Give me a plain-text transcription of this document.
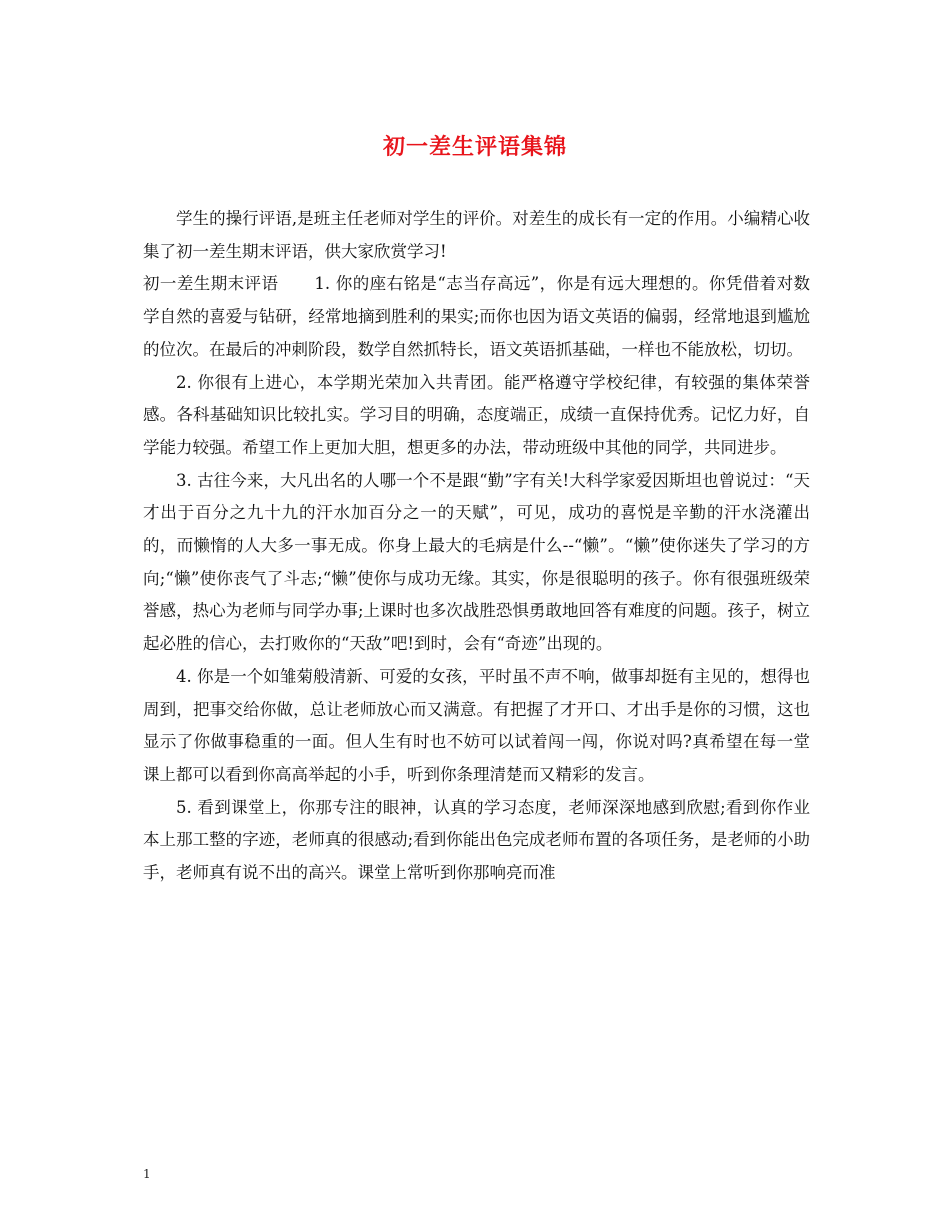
初一差生评语集锦

学生的操行评语,是班主任老师对学生的评价。对差生的成长有一定的作用。小编精心收集了初一差生期末评语，供大家欣赏学习!

初一差生期末评语 1. 你的座右铭是“志当存高远”，你是有远大理想的。你凭借着对数学自然的喜爱与钻研，经常地摘到胜利的果实;而你也因为语文英语的偏弱，经常地退到尴尬的位次。在最后的冲刺阶段，数学自然抓特长，语文英语抓基础，一样也不能放松，切切。

2. 你很有上进心，本学期光荣加入共青团。能严格遵守学校纪律，有较强的集体荣誉感。各科基础知识比较扎实。学习目的明确，态度端正，成绩一直保持优秀。记忆力好，自学能力较强。希望工作上更加大胆，想更多的办法，带动班级中其他的同学，共同进步。

3. 古往今来，大凡出名的人哪一个不是跟“勤”字有关!大科学家爱因斯坦也曾说过：“天才出于百分之九十九的汗水加百分之一的天赋”，可见，成功的喜悦是辛勤的汗水浇灌出的，而懒惰的人大多一事无成。你身上最大的毛病是什么--“懒”。“懒”使你迷失了学习的方向;“懒”使你丧气了斗志;“懒”使你与成功无缘。其实，你是很聪明的孩子。你有很强班级荣誉感，热心为老师与同学办事;上课时也多次战胜恐惧勇敢地回答有难度的问题。孩子，树立起必胜的信心，去打败你的“天敌”吧!到时，会有“奇迹”出现的。

4. 你是一个如雏菊般清新、可爱的女孩，平时虽不声不响，做事却挺有主见的，想得也周到，把事交给你做，总让老师放心而又满意。有把握了才开口、才出手是你的习惯，这也显示了你做事稳重的一面。但人生有时也不妨可以试着闯一闯，你说对吗?真希望在每一堂课上都可以看到你高高举起的小手，听到你条理清楚而又精彩的发言。

5. 看到课堂上，你那专注的眼神，认真的学习态度，老师深深地感到欣慰;看到你作业本上那工整的字迹，老师真的很感动;看到你能出色完成老师布置的各项任务，是老师的小助手，老师真有说不出的高兴。课堂上常听到你那响亮而准

1
